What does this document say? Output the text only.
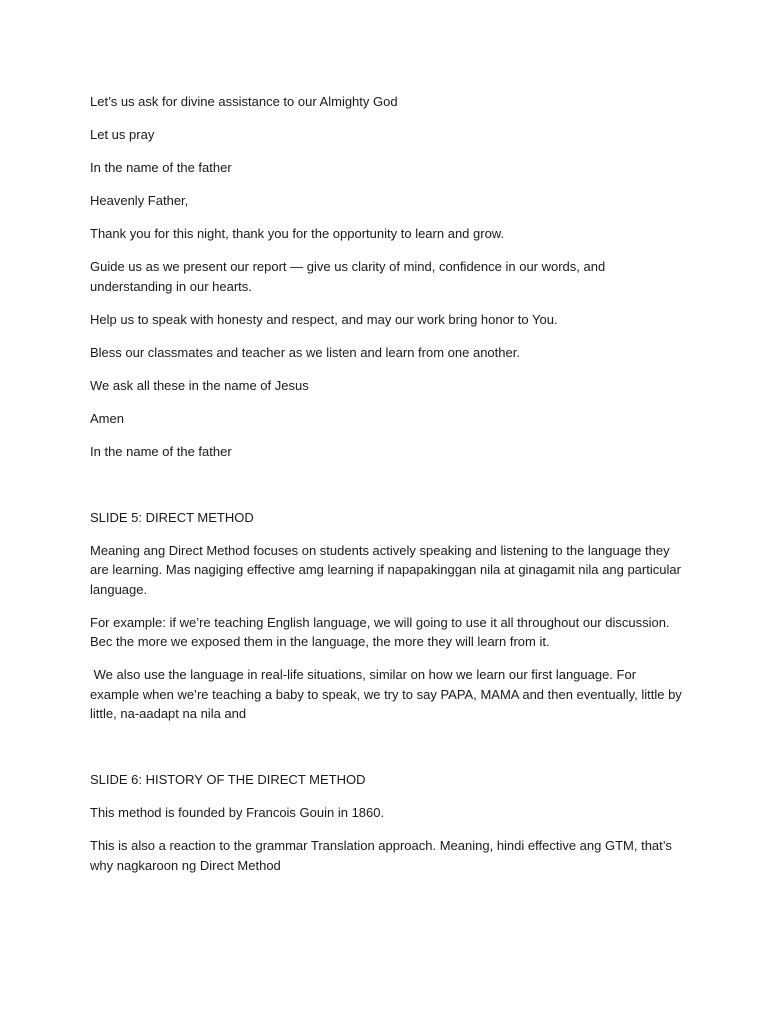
Let’s us ask for divine assistance to our Almighty God

Let us pray

In the name of the father

Heavenly Father,

Thank you for this night, thank you for the opportunity to learn and grow.

Guide us as we present our report — give us clarity of mind, confidence in our words, and understanding in our hearts.

Help us to speak with honesty and respect, and may our work bring honor to You.

Bless our classmates and teacher as we listen and learn from one another.

We ask all these in the name of Jesus

Amen

In the name of the father

SLIDE 5: DIRECT METHOD

Meaning ang Direct Method focuses on students actively speaking and listening to the language they are learning. Mas nagiging effective amg learning if napapakinggan nila at ginagamit nila ang particular language.

For example: if we’re teaching English language, we will going to use it all throughout our discussion. Bec the more we exposed them in the language, the more they will learn from it.

We also use the language in real-life situations, similar on how we learn our first language. For example when we’re teaching a baby to speak, we try to say PAPA, MAMA and then eventually, little by little, na-aadapt na nila and

SLIDE 6: HISTORY OF THE DIRECT METHOD

This method is founded by Francois Gouin in 1860.

This is also a reaction to the grammar Translation approach. Meaning, hindi effective ang GTM, that’s why nagkaroon ng Direct Method
